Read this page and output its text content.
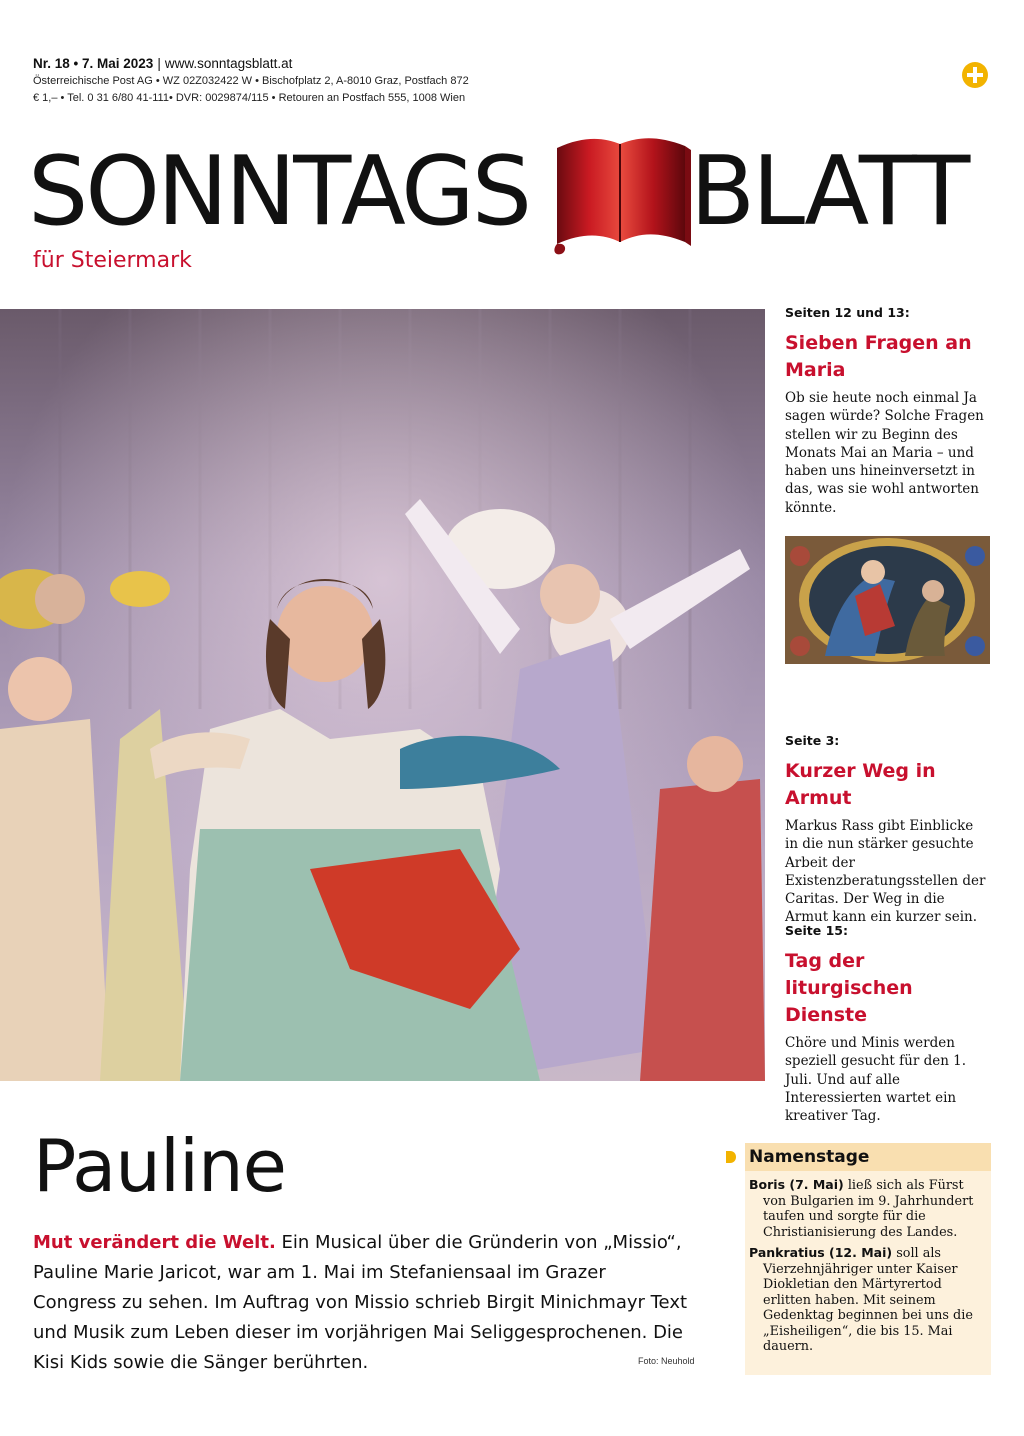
Nr. 18 • 7. Mai 2023 | www.sonntagsblatt.at
Österreichische Post AG • WZ 02Z032422 W • Bischofplatz 2, A-8010 Graz, Postfach 872
€ 1,– • Tel. 0 31 6/80 41-111• DVR: 0029874/115 • Retouren an Postfach 555, 1008 Wien
SONNTAGS BLATT
für Steiermark
Seiten 12 und 13:
Sieben Fragen an Maria
Ob sie heute noch einmal Ja sagen würde? Solche Fragen stellen wir zu Beginn des Monats Mai an Maria – und haben uns hineinversetzt in das, was sie wohl antworten könnte.
Seite 3:
Kurzer Weg in Armut
Markus Rass gibt Einblicke in die nun stärker gesuchte Arbeit der Existenzberatungsstellen der Caritas. Der Weg in die Armut kann ein kurzer sein.
Seite 15:
Tag der liturgischen Dienste
Chöre und Minis werden speziell gesucht für den 1. Juli. Und auf alle Interessierten wartet ein kreativer Tag.
Pauline
Mut verändert die Welt. Ein Musical über die Gründerin von „Missio“, Pauline Marie Jaricot, war am 1. Mai im Stefaniensaal im Grazer Congress zu sehen. Im Auftrag von Missio schrieb Birgit Minichmayr Text und Musik zum Leben dieser im vorjährigen Mai Seliggesprochenen. Die Kisi Kids sowie die Sänger berührten.	Foto: Neuhold
Namenstage
Boris (7. Mai) ließ sich als Fürst von Bulgarien im 9. Jahrhundert taufen und sorgte für die Christianisierung des Landes.
Pankratius (12. Mai) soll als Vierzehnjähriger unter Kaiser Diokletian den Märtyrertod erlitten haben. Mit seinem Gedenktag beginnen bei uns die „Eisheiligen“, die bis 15. Mai dauern.
